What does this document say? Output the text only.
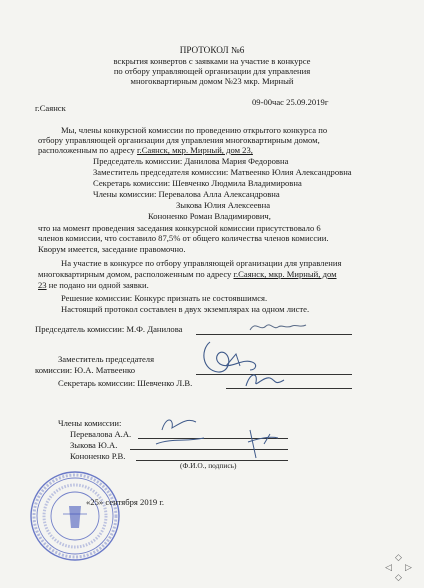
ПРОТОКОЛ №6
вскрытия конвертов с заявками на участие в конкурсе
по отбору управляющей организации для управления
многоквартирным домом №23 мкр. Мирный
г.Саянск
09-00час 25.09.2019г
Мы, члены конкурсной комиссии по проведению открытого конкурса по
отбору управляющей организации для управления многоквартирным домом,
расположенным по адресу г.Саянск, мкр. Мирный, дом 23,
Председатель комиссии: Данилова Мария Федоровна
Заместитель председателя комиссии: Матвеенко Юлия Александровна
Секретарь комиссии: Шевченко Людмила Владимировна
Члены комиссии: Перевалова Алла Александровна
Зыкова Юлия Алексеевна
Кононенко Роман Владимирович,
что на момент проведения заседания конкурсной комиссии присутствовало 6
членов комиссии, что составило 87,5% от общего количества членов комиссии.
Кворум имеется, заседание правомочно.
На участие в конкурсе по отбору управляющей организации для управления
многоквартирным домом, расположенным по адресу г.Саянск, мкр. Мирный, дом
23 не подано ни одной заявки.
Решение комиссии: Конкурс признать не состоявшимся.
Настоящий протокол составлен в двух экземплярах на одном листе.
Председатель комиссии: М.Ф. Данилова
Заместитель председателя
комиссии: Ю.А. Матвеенко
Секретарь комиссии: Шевченко Л.В.
Члены комиссии:
Перевалова А.А.
Зыкова Ю.А.
Кононенко Р.В.
(Ф.И.О., подпись)
«25» сентября 2019 г.
◇
◁ ▷
◇
